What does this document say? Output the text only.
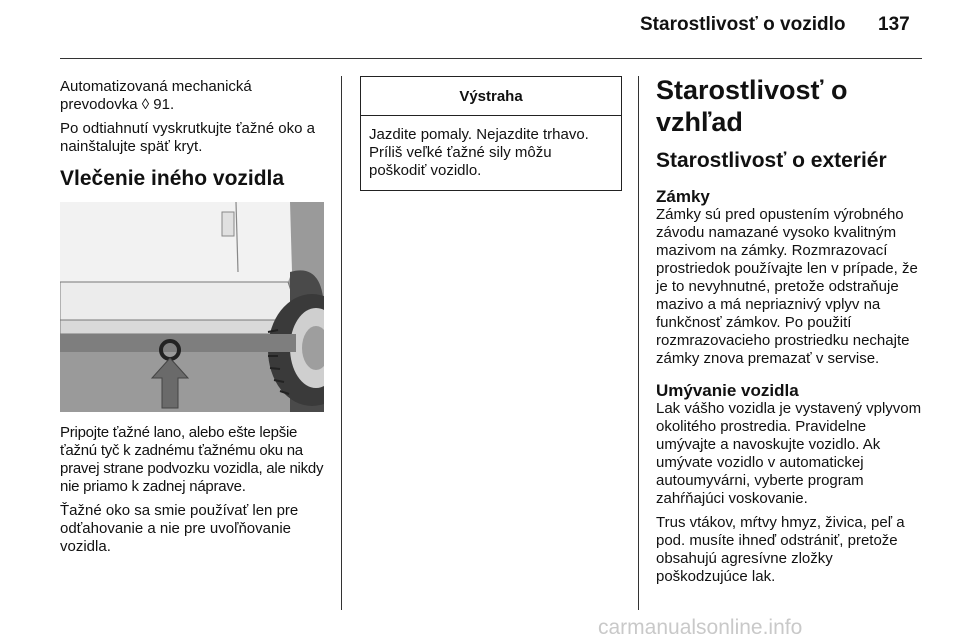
Starostlivosť o vozidlo 137

Automatizovaná mechanická prevodovka ◊ 91.

Po odtiahnutí vyskrutkujte ťažné oko a nainštalujte späť kryt.

Vlečenie iného vozidla

Pripojte ťažné lano, alebo ešte lepšie ťažnú tyč k zadnému ťažnému oku na pravej strane podvozku vozidla, ale nikdy nie priamo k zadnej náprave.

Ťažné oko sa smie používať len pre odťahovanie a nie pre uvoľňovanie vozidla.

Výstraha
Jazdite pomaly. Nejazdite trhavo. Príliš veľké ťažné sily môžu poškodiť vozidlo.
Starostlivosť o vzhľad
Starostlivosť o exteriér
Zámky

Zámky sú pred opustením výrobného závodu namazané vysoko kvalitným mazivom na zámky. Rozmrazovací prostriedok používajte len v prípade, že je to nevyhnutné, pretože odstraňuje mazivo a má nepriaznivý vplyv na funkčnosť zámkov. Po použití rozmrazovacieho prostriedku nechajte zámky znova premazať v servise.

Umývanie vozidla

Lak vášho vozidla je vystavený vplyvom okolitého prostredia. Pravidelne umývajte a navoskujte vozidlo. Ak umývate vozidlo v automatickej autoumyvárni, vyberte program zahŕňajúci voskovanie.

Trus vtákov, mŕtvy hmyz, živica, peľ a pod. musíte ihneď odstrániť, pretože obsahujú agresívne zložky poškodzujúce lak.

carmanualsonline.info
